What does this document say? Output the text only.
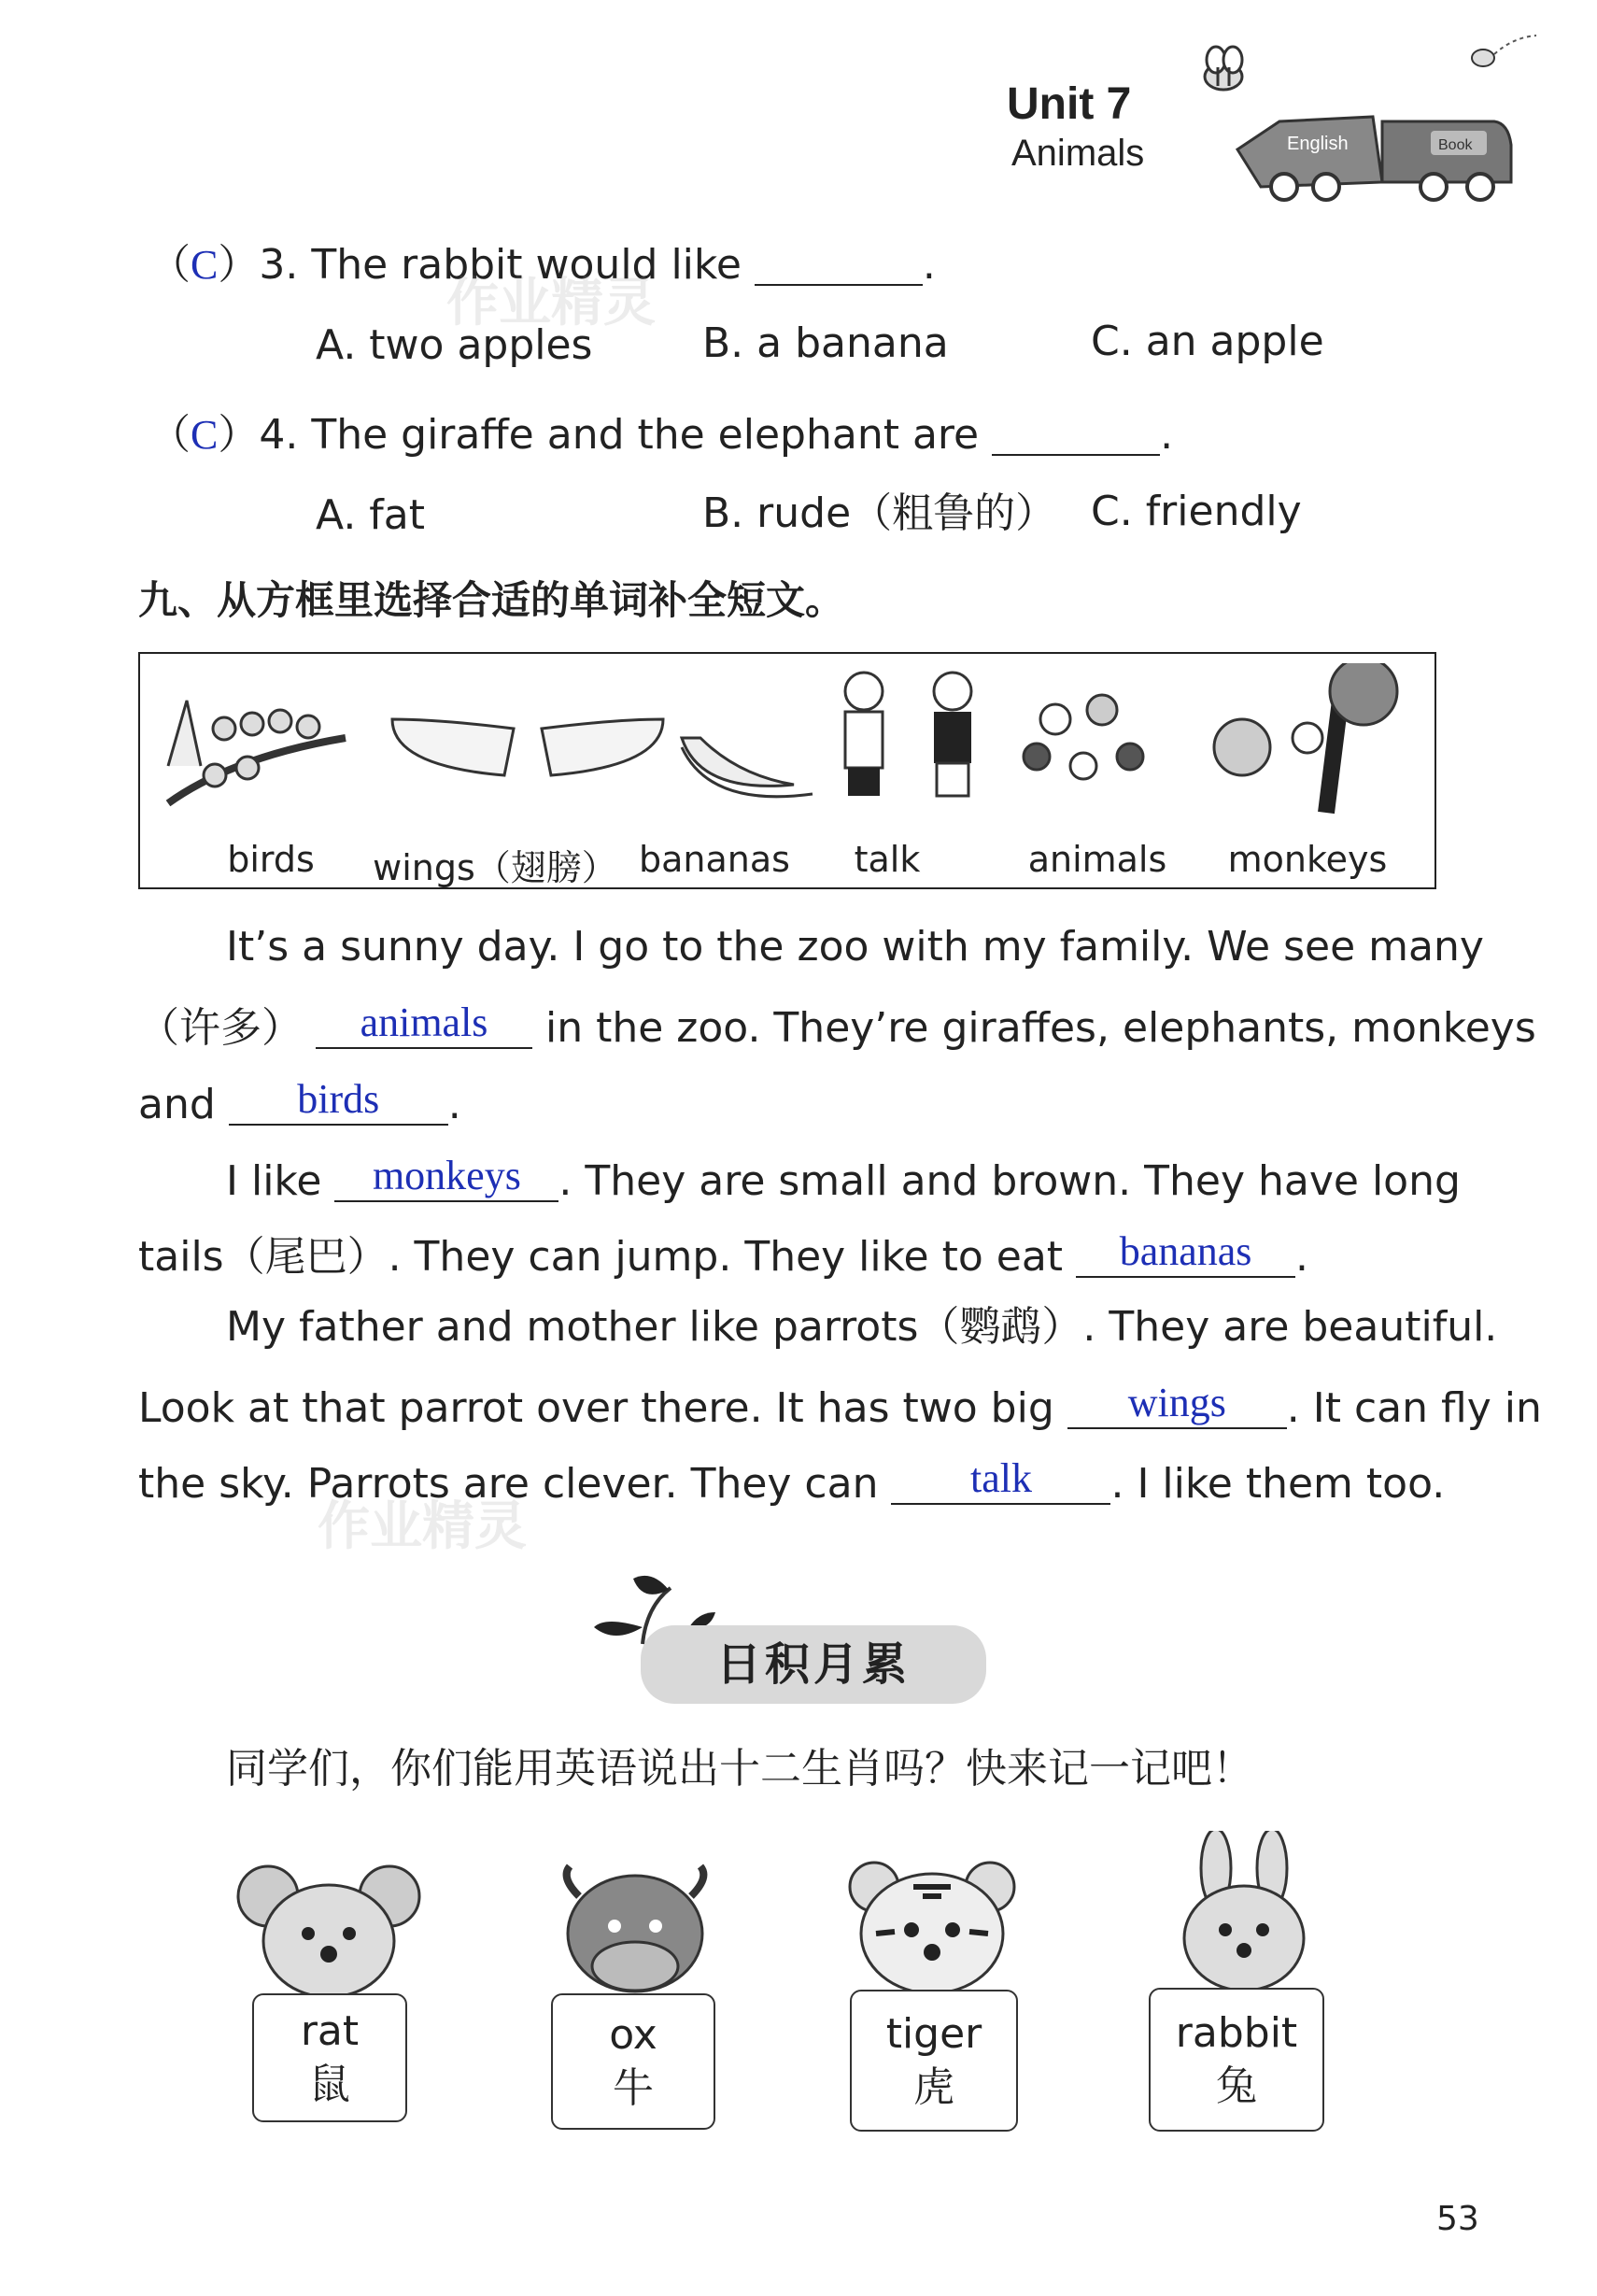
Unit 7
Animals	English	Book
（C）3. The rabbit would like	.
A. two apples	B. a banana	C. an apple
（C）4. The giraffe and the elephant are	.
A. fat	B. rude（粗鲁的） C. friendly
九、从方框里选择合适的单词补全短文。
birds	wings（翅膀） bananas	talk	animals	monkeys
It’s a sunny day. I go to the zoo with my family. We see many
（许多） animals in the zoo. They’re giraffes, elephants, monkeys
and birds .
I like monkeys . They are small and brown. They have long
tails（尾巴）. They can jump. They like to eat bananas .
My father and mother like parrots（鹦鹉）. They are beautiful.
Look at that parrot over there. It has two big wings . It can fly in
the sky. Parrots are clever. They can talk . I like them too.
作业精灵
作业精灵
日积月累
同学们，你们能用英语说出十二生肖吗？快来记一记吧！
rat
鼠
ox
牛
tiger
虎
rabbit
兔
53
